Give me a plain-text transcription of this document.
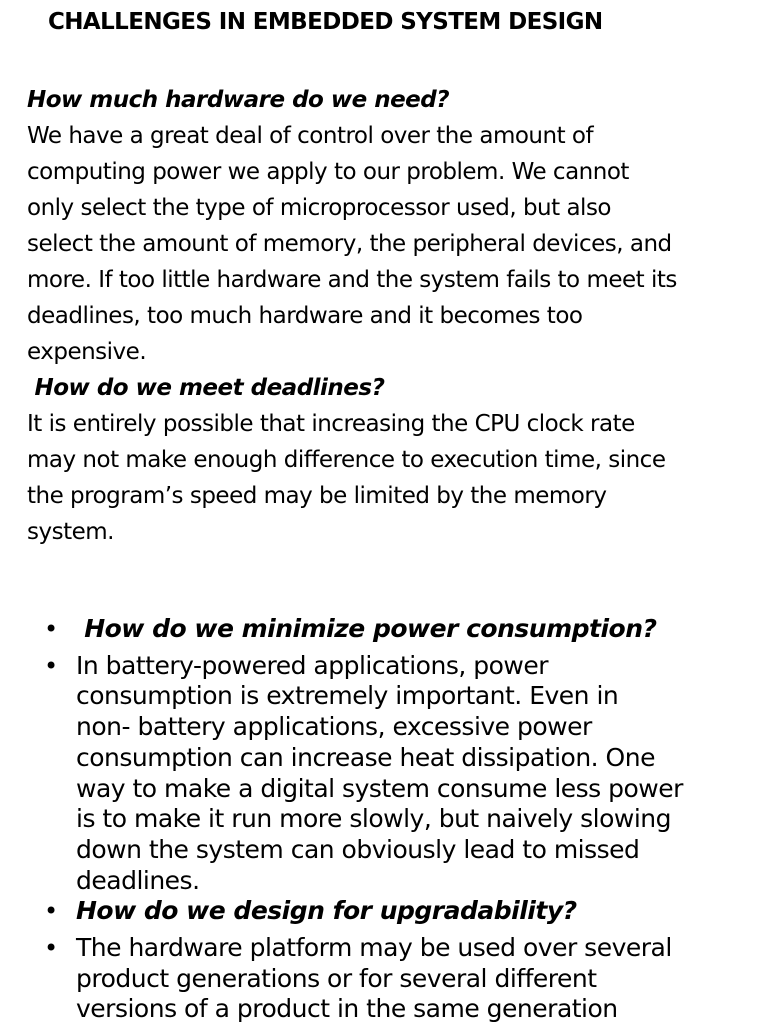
CHALLENGES IN EMBEDDED SYSTEM DESIGN
How much hardware do we need?
We have a great deal of control over the amount of
computing power we apply to our problem. We cannot
only select the type of microprocessor used, but also
select the amount of memory, the peripheral devices, and
more. If too little hardware and the system fails to meet its
deadlines, too much hardware and it becomes too
expensive.
How do we meet deadlines?
It is entirely possible that increasing the CPU clock rate
may not make enough difference to execution time, since
the program’s speed may be limited by the memory
system.
• How do we minimize power consumption?
• In battery-powered applications, power
consumption is extremely important. Even in
non- battery applications, excessive power
consumption can increase heat dissipation. One
way to make a digital system consume less power
is to make it run more slowly, but naively slowing
down the system can obviously lead to missed
deadlines.
• How do we design for upgradability?
• The hardware platform may be used over several
product generations or for several different
versions of a product in the same generation
